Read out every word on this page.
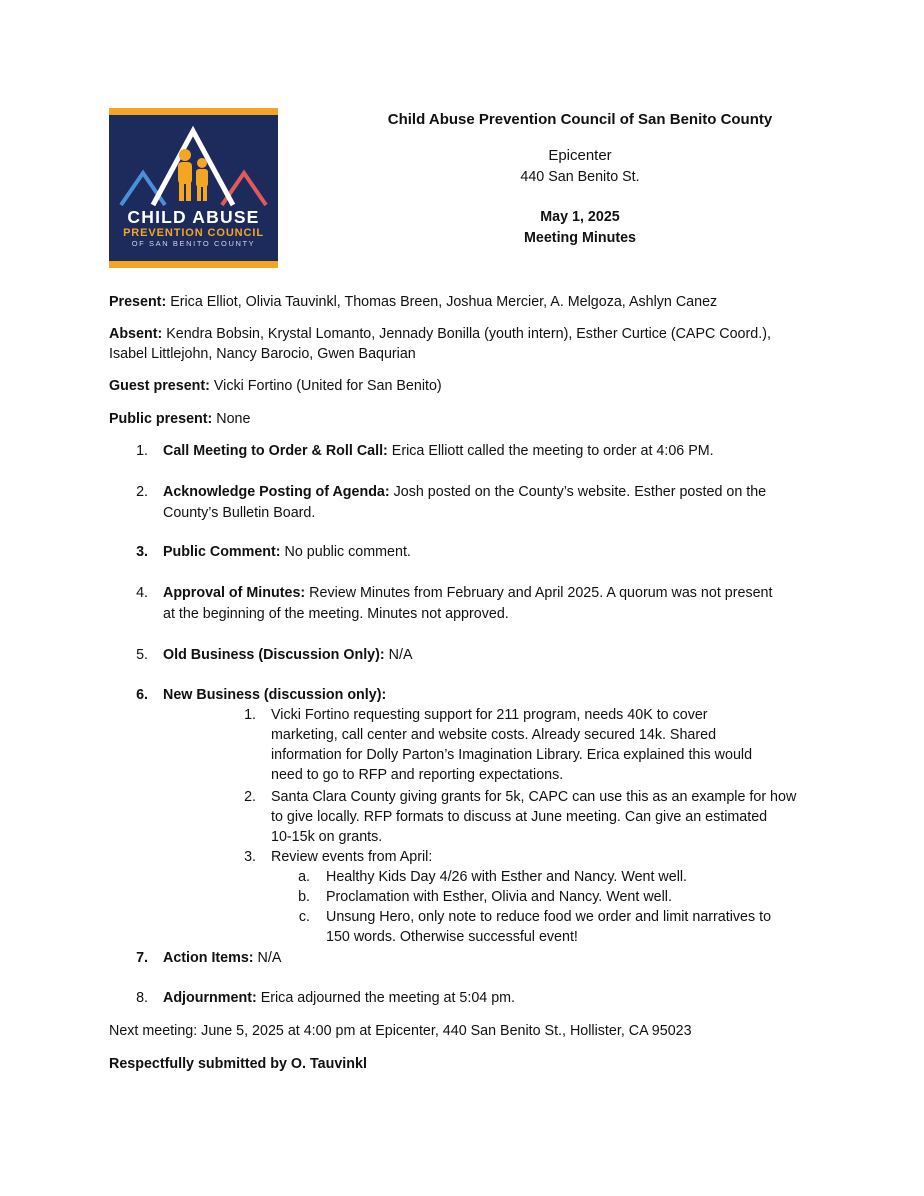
CHILD ABUSE
PREVENTION COUNCIL
OF SAN BENITO COUNTY
Child Abuse Prevention Council of San Benito County
Epicenter
440 San Benito St.
May 1, 2025
Meeting Minutes
Present: Erica Elliot, Olivia Tauvinkl, Thomas Breen, Joshua Mercier, A. Melgoza, Ashlyn Canez
Absent: Kendra Bobsin, Krystal Lomanto, Jennady Bonilla (youth intern), Esther Curtice (CAPC Coord.),
Isabel Littlejohn, Nancy Barocio, Gwen Baqurian
Guest present: Vicki Fortino (United for San Benito)
Public present: None
1. Call Meeting to Order & Roll Call: Erica Elliott called the meeting to order at 4:06 PM.
2. Acknowledge Posting of Agenda: Josh posted on the County’s website. Esther posted on the
County’s Bulletin Board.
3. Public Comment: No public comment.
4. Approval of Minutes: Review Minutes from February and April 2025. A quorum was not present
at the beginning of the meeting. Minutes not approved.
5. Old Business (Discussion Only): N/A
6. New Business (discussion only):
1. Vicki Fortino requesting support for 211 program, needs 40K to cover
marketing, call center and website costs. Already secured 14k. Shared
information for Dolly Parton’s Imagination Library. Erica explained this would
need to go to RFP and reporting expectations.
2. Santa Clara County giving grants for 5k, CAPC can use this as an example for how
to give locally. RFP formats to discuss at June meeting. Can give an estimated
10-15k on grants.
3. Review events from April:
a. Healthy Kids Day 4/26 with Esther and Nancy. Went well.
b. Proclamation with Esther, Olivia and Nancy. Went well.
c. Unsung Hero, only note to reduce food we order and limit narratives to
150 words. Otherwise successful event!
7. Action Items: N/A
8. Adjournment: Erica adjourned the meeting at 5:04 pm.
Next meeting: June 5, 2025 at 4:00 pm at Epicenter, 440 San Benito St., Hollister, CA 95023
Respectfully submitted by O. Tauvinkl
